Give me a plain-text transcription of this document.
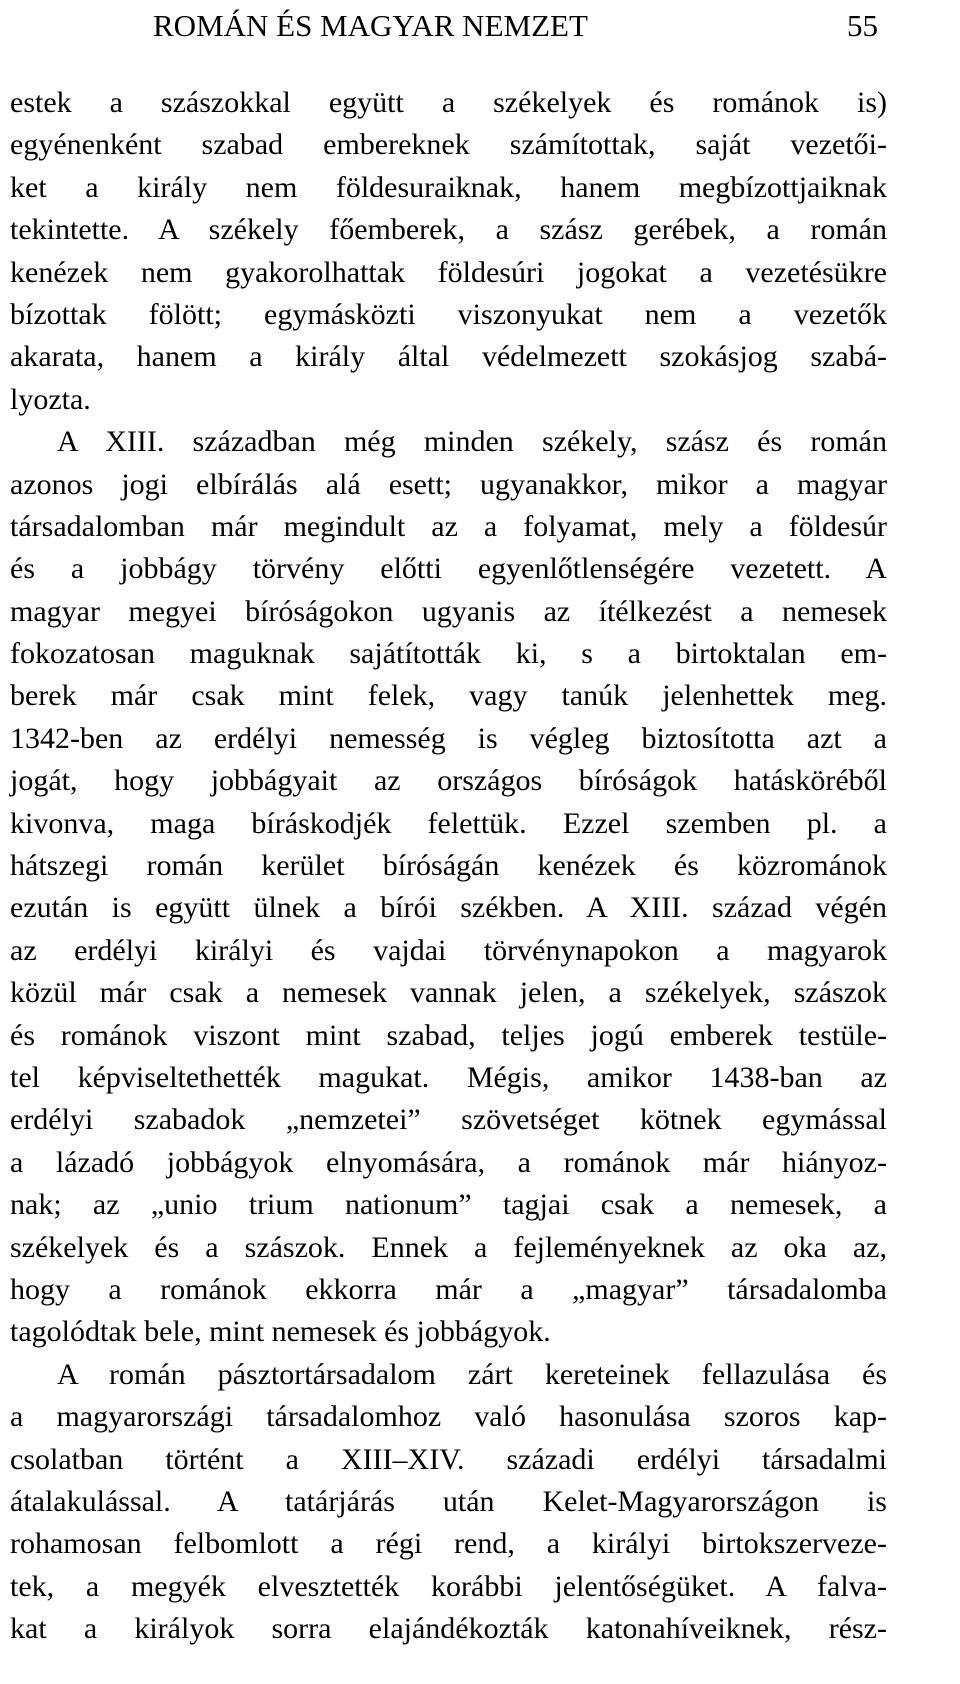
ROMÁN ÉS MAGYAR NEMZET	55
estek a szászokkal együtt a székelyek és románok is)
egyénenként szabad embereknek számítottak, saját vezetői-
ket a király nem földesuraiknak, hanem megbízottjaiknak
tekintette. A székely főemberek, a szász gerébek, a román
kenézek nem gyakorolhattak földesúri jogokat a vezetésükre
bízottak fölött; egymásközti viszonyukat nem a vezetők
akarata, hanem a király által védelmezett szokásjog szabá-
lyozta.
A XIII. században még minden székely, szász és román
azonos jogi elbírálás alá esett; ugyanakkor, mikor a magyar
társadalomban már megindult az a folyamat, mely a földesúr
és a jobbágy törvény előtti egyenlőtlenségére vezetett. A
magyar megyei bíróságokon ugyanis az ítélkezést a nemesek
fokozatosan maguknak sajátították ki, s a birtoktalan em-
berek már csak mint felek, vagy tanúk jelenhettek meg.
1342-ben az erdélyi nemesség is végleg biztosította azt a
jogát, hogy jobbágyait az országos bíróságok hatásköréből
kivonva, maga bíráskodjék felettük. Ezzel szemben pl. a
hátszegi román kerület bíróságán kenézek és közrománok
ezután is együtt ülnek a bírói székben. A XIII. század végén
az erdélyi királyi és vajdai törvénynapokon a magyarok
közül már csak a nemesek vannak jelen, a székelyek, szászok
és románok viszont mint szabad, teljes jogú emberek testüle-
tel képviseltethették magukat. Mégis, amikor 1438-ban az
erdélyi szabadok „nemzetei” szövetséget kötnek egymással
a lázadó jobbágyok elnyomására, a románok már hiányoz-
nak; az „unio trium nationum” tagjai csak a nemesek, a
székelyek és a szászok. Ennek a fejleményeknek az oka az,
hogy a románok ekkorra már a „magyar” társadalomba
tagolódtak bele, mint nemesek és jobbágyok.
A román pásztortársadalom zárt kereteinek fellazulása és
a magyarországi társadalomhoz való hasonulása szoros kap-
csolatban történt a XIII–XIV. századi erdélyi társadalmi
átalakulással. A tatárjárás után Kelet-Magyarországon is
rohamosan felbomlott a régi rend, a királyi birtokszerveze-
tek, a megyék elvesztették korábbi jelentőségüket. A falva-
kat a királyok sorra elajándékozták katonahíveiknek, rész-
